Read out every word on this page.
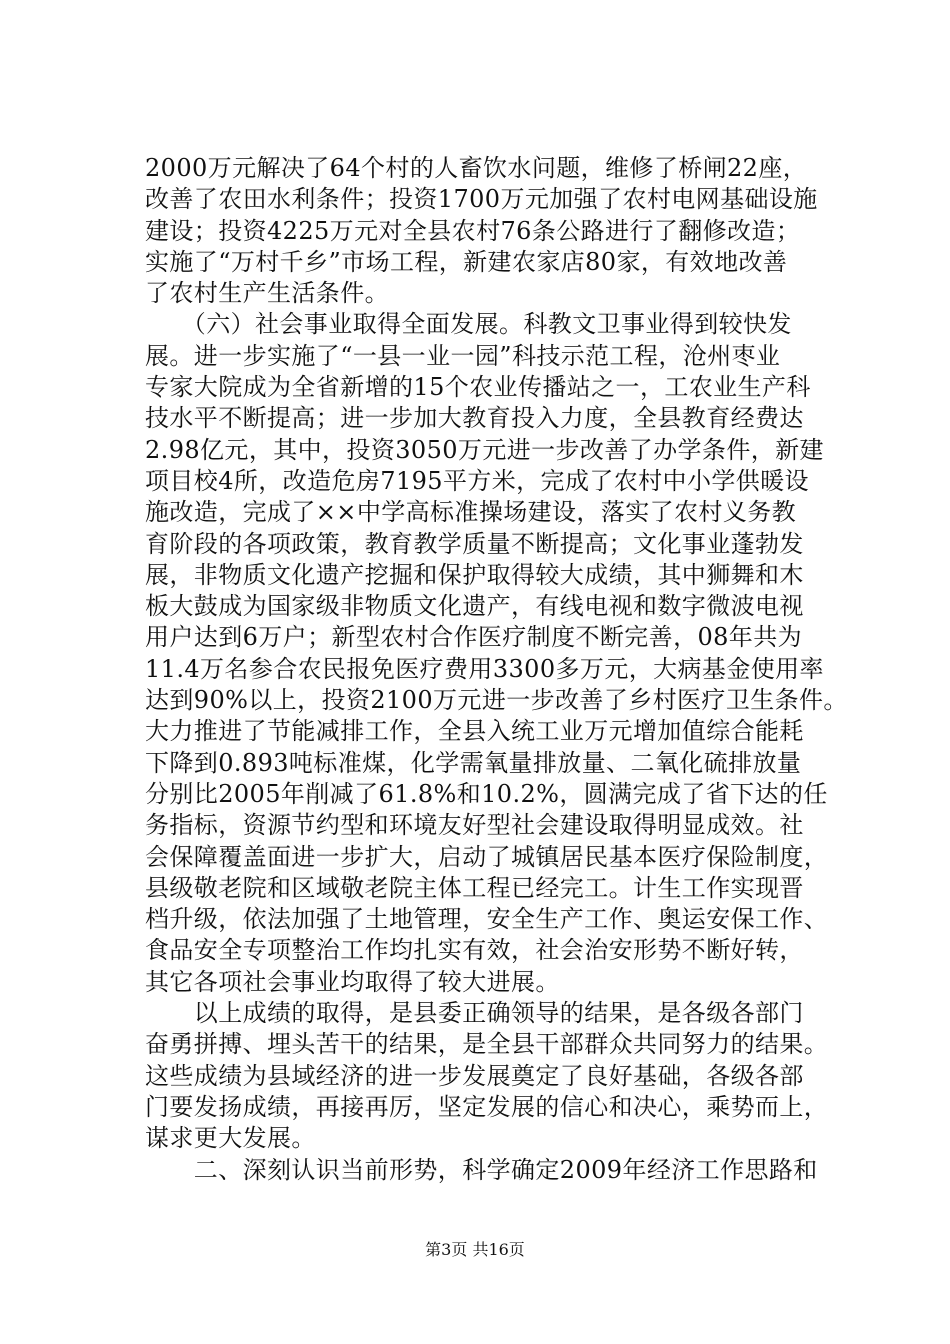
2000万元解决了64个村的人畜饮水问题，维修了桥闸22座，
改善了农田水利条件；投资1700万元加强了农村电网基础设施
建设；投资4225万元对全县农村76条公路进行了翻修改造；
实施了“万村千乡”市场工程，新建农家店80家，有效地改善
了农村生产生活条件。
　　（六）社会事业取得全面发展。科教文卫事业得到较快发
展。进一步实施了“一县一业一园”科技示范工程，沧州枣业
专家大院成为全省新增的15个农业传播站之一，工农业生产科
技水平不断提高；进一步加大教育投入力度，全县教育经费达
2.98亿元，其中，投资3050万元进一步改善了办学条件，新建
项目校4所，改造危房7195平方米，完成了农村中小学供暖设
施改造，完成了××中学高标准操场建设，落实了农村义务教
育阶段的各项政策，教育教学质量不断提高；文化事业蓬勃发
展，非物质文化遗产挖掘和保护取得较大成绩，其中狮舞和木
板大鼓成为国家级非物质文化遗产，有线电视和数字微波电视
用户达到6万户；新型农村合作医疗制度不断完善，08年共为
11.4万名参合农民报免医疗费用3300多万元，大病基金使用率
达到90%以上，投资2100万元进一步改善了乡村医疗卫生条件。
大力推进了节能减排工作，全县入统工业万元增加值综合能耗
下降到0.893吨标准煤，化学需氧量排放量、二氧化硫排放量
分别比2005年削减了61.8%和10.2%，圆满完成了省下达的任
务指标，资源节约型和环境友好型社会建设取得明显成效。社
会保障覆盖面进一步扩大，启动了城镇居民基本医疗保险制度，
县级敬老院和区域敬老院主体工程已经完工。计生工作实现晋
档升级，依法加强了土地管理，安全生产工作、奥运安保工作、
食品安全专项整治工作均扎实有效，社会治安形势不断好转，
其它各项社会事业均取得了较大进展。
　　以上成绩的取得，是县委正确领导的结果，是各级各部门
奋勇拼搏、埋头苦干的结果，是全县干部群众共同努力的结果。
这些成绩为县域经济的进一步发展奠定了良好基础，各级各部
门要发扬成绩，再接再厉，坚定发展的信心和决心，乘势而上，
谋求更大发展。
　　二、深刻认识当前形势，科学确定2009年经济工作思路和
第3页 共16页
